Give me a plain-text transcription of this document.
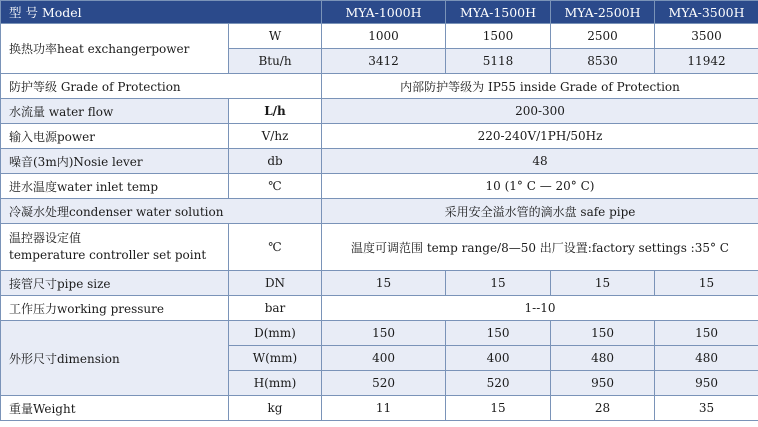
型 号 Model		MYA-1000H	MYA-1500H	MYA-2500H	MYA-3500H
换热功率heat exchangerpower	W	1000	1500	2500	3500
	Btu/h	3412	5118	8530	11942
防护等级 Grade of Protection		内部防护等级为 IP55 inside Grade of Protection			
水流量 water flow	L/h	200-300			
输入电源power	V/hz	220-240V/1PH/50Hz			
噪音(3m内)Nosie lever	db	48			
进水温度water inlet temp	℃	10 (1° C — 20° C)			
冷凝水处理condenser water solution		采用安全溢水管的滴水盘 safe pipe			

温控器设定值
temperature controller set point	℃	温度可调范围 temp range/8—50 出厂设置:factory settings :35° C			
接管尺寸pipe size	DN	15	15	15	15
工作压力working pressure	bar	1--10			
外形尺寸dimension	D(mm)	150	150	150	150
	W(mm)	400	400	480	480
	H(mm)	520	520	950	950
重量Weight	kg	11	15	28	35
